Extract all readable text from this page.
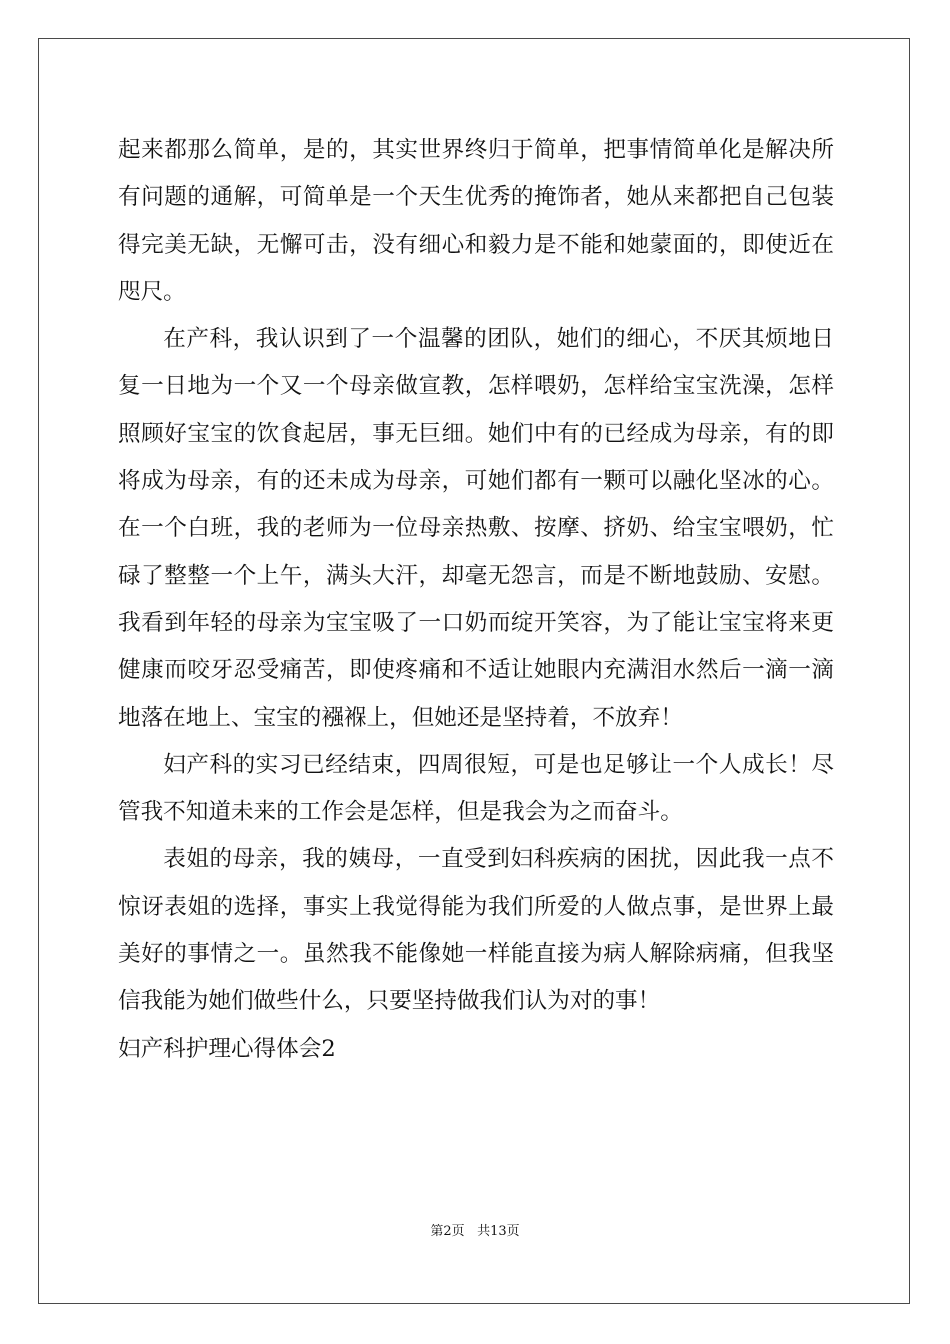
起来都那么简单，是的，其实世界终归于简单，把事情简单化是解决所有问题的通解，可简单是一个天生优秀的掩饰者，她从来都把自己包装得完美无缺，无懈可击，没有细心和毅力是不能和她蒙面的，即使近在咫尺。

在产科，我认识到了一个温馨的团队，她们的细心，不厌其烦地日复一日地为一个又一个母亲做宣教，怎样喂奶，怎样给宝宝洗澡，怎样照顾好宝宝的饮食起居，事无巨细。她们中有的已经成为母亲，有的即将成为母亲，有的还未成为母亲，可她们都有一颗可以融化坚冰的心。在一个白班，我的老师为一位母亲热敷、按摩、挤奶、给宝宝喂奶，忙碌了整整一个上午，满头大汗，却毫无怨言，而是不断地鼓励、安慰。我看到年轻的母亲为宝宝吸了一口奶而绽开笑容，为了能让宝宝将来更健康而咬牙忍受痛苦，即使疼痛和不适让她眼内充满泪水然后一滴一滴地落在地上、宝宝的襁褓上，但她还是坚持着，不放弃！

妇产科的实习已经结束，四周很短，可是也足够让一个人成长！尽管我不知道未来的工作会是怎样，但是我会为之而奋斗。

表姐的母亲，我的姨母，一直受到妇科疾病的困扰，因此我一点不惊讶表姐的选择，事实上我觉得能为我们所爱的人做点事，是世界上最美好的事情之一。虽然我不能像她一样能直接为病人解除病痛，但我坚信我能为她们做些什么，只要坚持做我们认为对的事！

妇产科护理心得体会2
第2页 共13页
